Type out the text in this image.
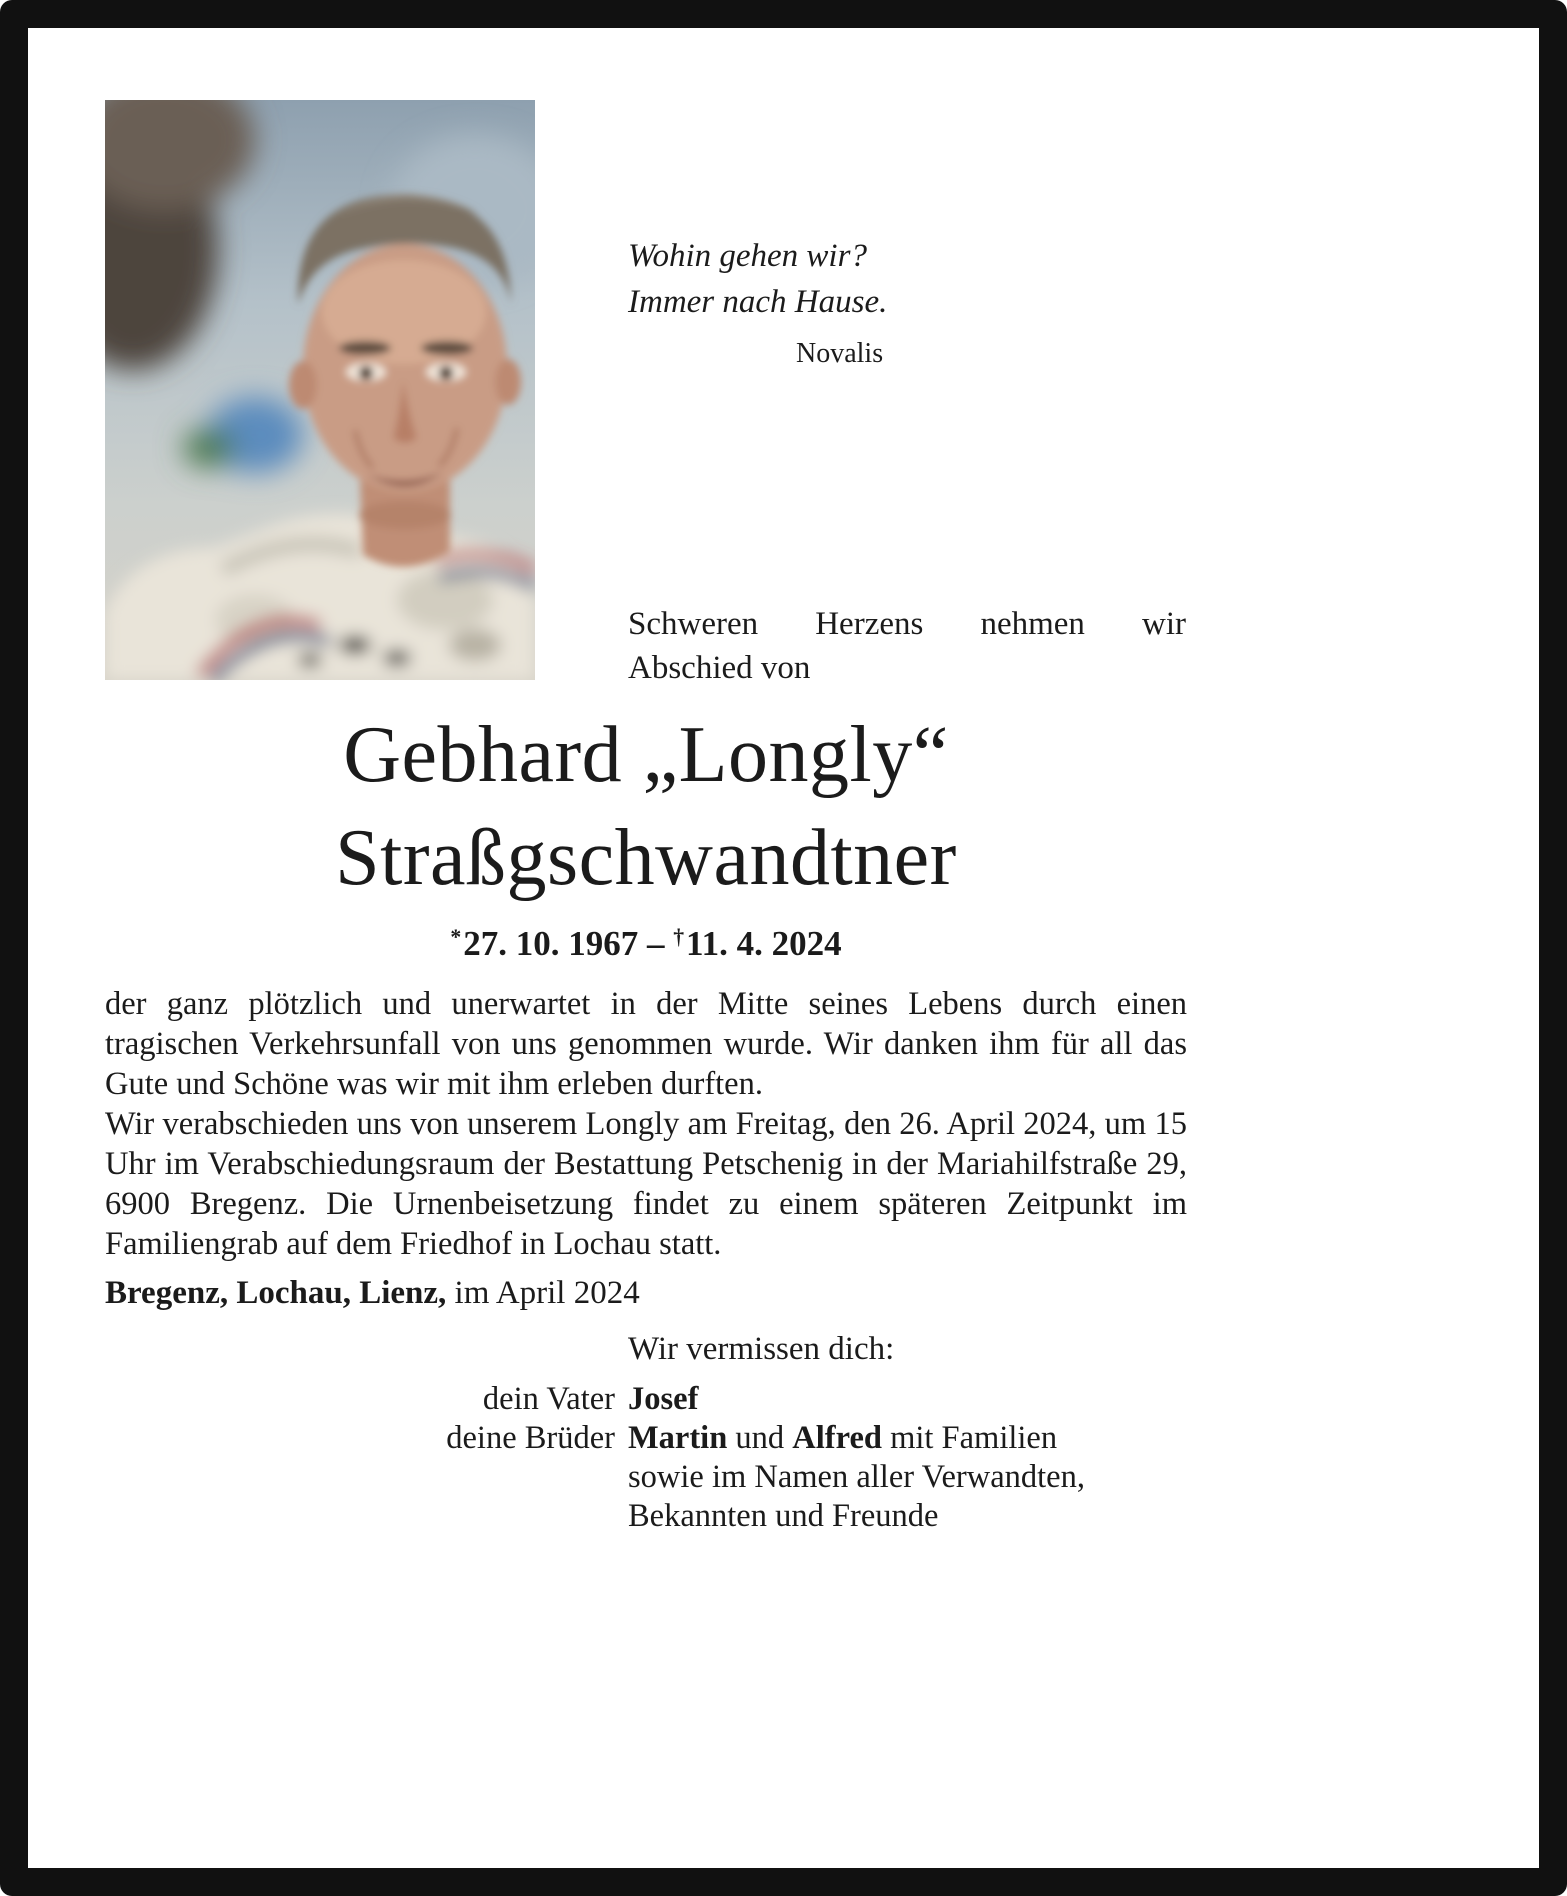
Wohin gehen wir?
Immer nach Hause.
Novalis
Schweren Herzens nehmen wir
Abschied von
Gebhard „Longly“
Straßgschwandtner
*27. 10. 1967 – †11. 4. 2024

der ganz plötzlich und unerwartet in der Mitte seines Lebens durch einen tragischen Verkehrsunfall von uns genommen wurde. Wir danken ihm für all das Gute und Schöne was wir mit ihm erleben durften.

Wir verabschieden uns von unserem Longly am Freitag, den 26. April 2024, um 15 Uhr im Verabschiedungsraum der Bestattung Petschenig in der Mariahilfstraße 29, 6900 Bregenz. Die Urnenbeisetzung findet zu einem späteren Zeitpunkt im Familiengrab auf dem Friedhof in Lochau statt.

Bregenz, Lochau, Lienz, im April 2024
Wir vermissen dich:
dein Vater Josef
deine Brüder Martin und Alfred mit Familien
sowie im Namen aller Verwandten,
Bekannten und Freunde
